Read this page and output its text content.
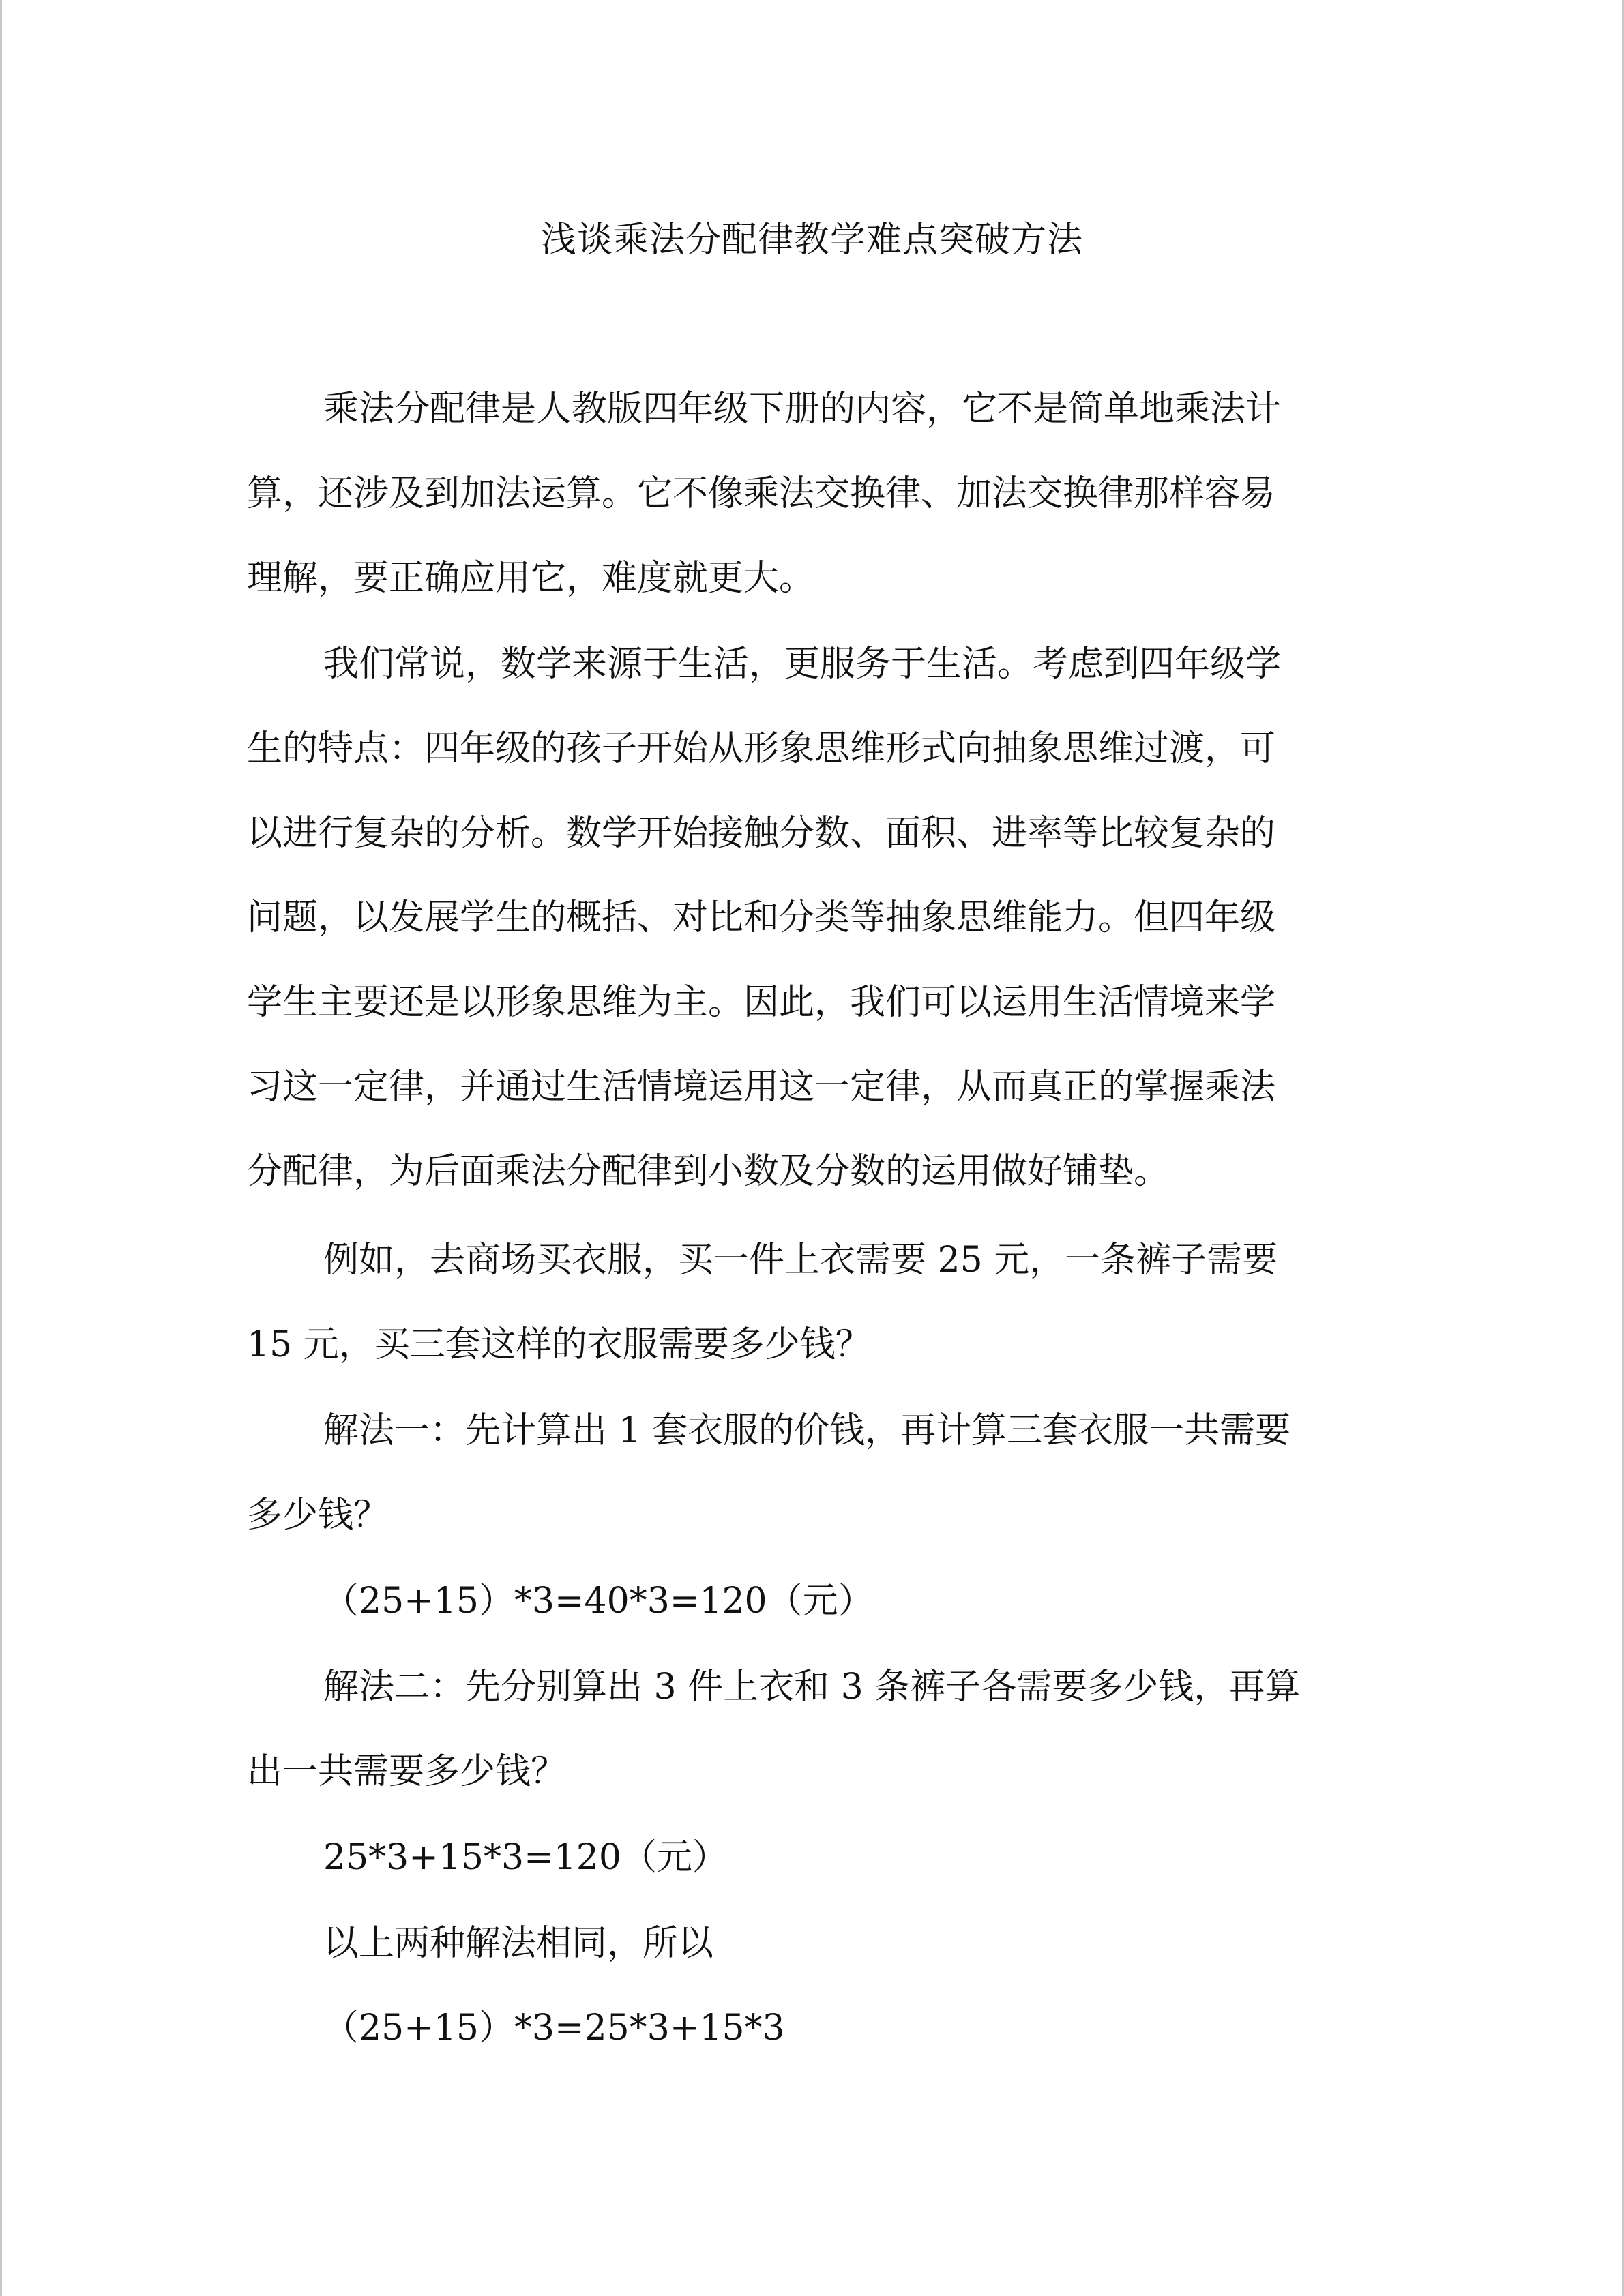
浅谈乘法分配律教学难点突破方法

乘法分配律是人教版四年级下册的内容，它不是简单地乘法计
算，还涉及到加法运算。它不像乘法交换律、加法交换律那样容易
理解，要正确应用它，难度就更大。

我们常说，数学来源于生活，更服务于生活。考虑到四年级学
生的特点：四年级的孩子开始从形象思维形式向抽象思维过渡，可
以进行复杂的分析。数学开始接触分数、面积、进率等比较复杂的
问题，以发展学生的概括、对比和分类等抽象思维能力。但四年级
学生主要还是以形象思维为主。因此，我们可以运用生活情境来学
习这一定律，并通过生活情境运用这一定律，从而真正的掌握乘法
分配律，为后面乘法分配律到小数及分数的运用做好铺垫。

例如，去商场买衣服，买一件上衣需要 25 元，一条裤子需要
15 元，买三套这样的衣服需要多少钱？

解法一：先计算出 1 套衣服的价钱，再计算三套衣服一共需要
多少钱？

（25+15）*3=40*3=120（元）

解法二：先分别算出 3 件上衣和 3 条裤子各需要多少钱，再算
出一共需要多少钱？

25*3+15*3=120（元）

以上两种解法相同，所以

（25+15）*3=25*3+15*3
